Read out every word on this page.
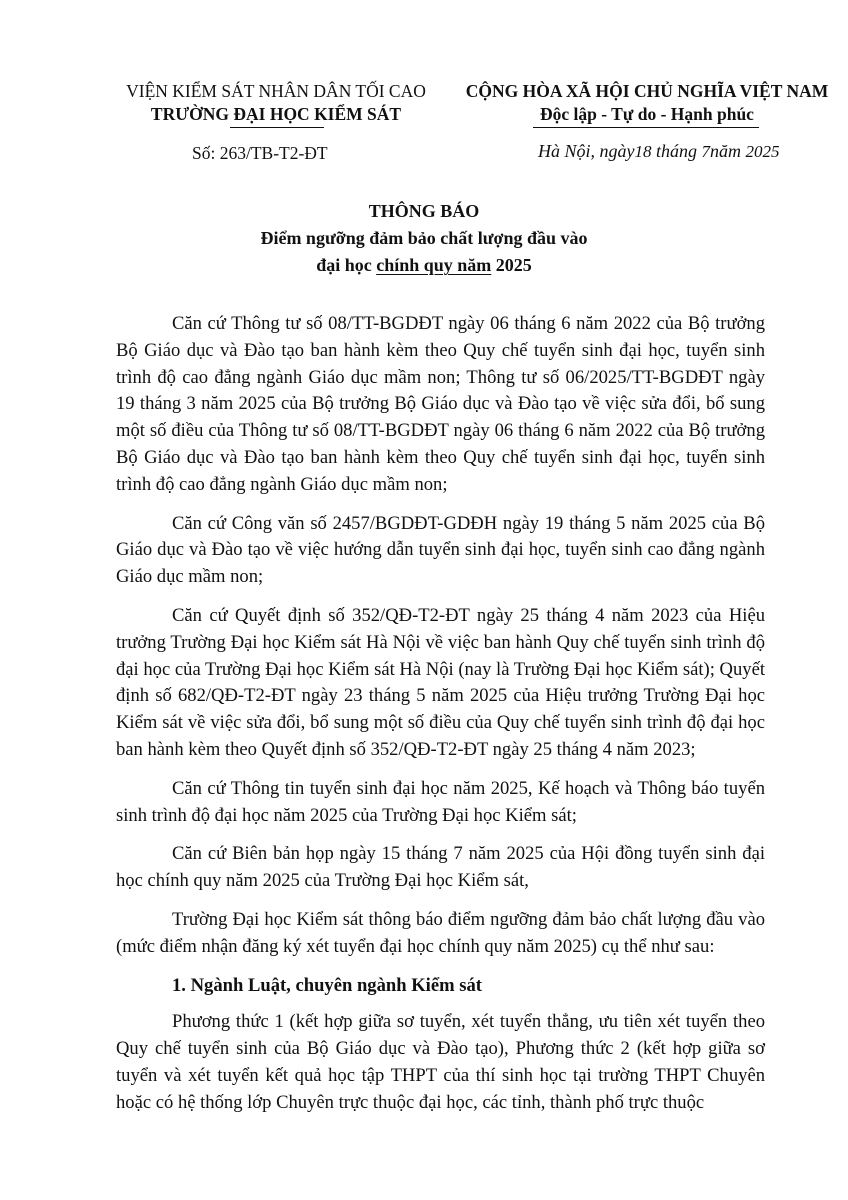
VIỆN KIỂM SÁT NHÂN DÂN TỐI CAO
TRƯỜNG ĐẠI HỌC KIỂM SÁT
CỘNG HÒA XÃ HỘI CHỦ NGHĨA VIỆT NAM
Độc lập - Tự do - Hạnh phúc
Số: 263/TB-T2-ĐT	Hà Nội, ngày18 tháng 7năm 2025
THÔNG BÁO
Điểm ngưỡng đảm bảo chất lượng đầu vào
đại học chính quy năm 2025

Căn cứ Thông tư số 08/TT-BGDĐT ngày 06 tháng 6 năm 2022 của Bộ trưởng Bộ Giáo dục và Đào tạo ban hành kèm theo Quy chế tuyển sinh đại học, tuyển sinh trình độ cao đẳng ngành Giáo dục mầm non; Thông tư số 06/2025/TT-BGDĐT ngày 19 tháng 3 năm 2025 của Bộ trưởng Bộ Giáo dục và Đào tạo về việc sửa đổi, bổ sung một số điều của Thông tư số 08/TT-BGDĐT ngày 06 tháng 6 năm 2022 của Bộ trưởng Bộ Giáo dục và Đào tạo ban hành kèm theo Quy chế tuyển sinh đại học, tuyển sinh trình độ cao đẳng ngành Giáo dục mầm non;

Căn cứ Công văn số 2457/BGDĐT-GDĐH ngày 19 tháng 5 năm 2025 của Bộ Giáo dục và Đào tạo về việc hướng dẫn tuyển sinh đại học, tuyển sinh cao đẳng ngành Giáo dục mầm non;

Căn cứ Quyết định số 352/QĐ-T2-ĐT ngày 25 tháng 4 năm 2023 của Hiệu trưởng Trường Đại học Kiểm sát Hà Nội về việc ban hành Quy chế tuyển sinh trình độ đại học của Trường Đại học Kiểm sát Hà Nội (nay là Trường Đại học Kiểm sát); Quyết định số 682/QĐ-T2-ĐT ngày 23 tháng 5 năm 2025 của Hiệu trưởng Trường Đại học Kiểm sát về việc sửa đổi, bổ sung một số điều của Quy chế tuyển sinh trình độ đại học ban hành kèm theo Quyết định số 352/QĐ-T2-ĐT ngày 25 tháng 4 năm 2023;

Căn cứ Thông tin tuyển sinh đại học năm 2025, Kế hoạch và Thông báo tuyển sinh trình độ đại học năm 2025 của Trường Đại học Kiểm sát;

Căn cứ Biên bản họp ngày 15 tháng 7 năm 2025 của Hội đồng tuyển sinh đại học chính quy năm 2025 của Trường Đại học Kiểm sát,

Trường Đại học Kiểm sát thông báo điểm ngưỡng đảm bảo chất lượng đầu vào (mức điểm nhận đăng ký xét tuyển đại học chính quy năm 2025) cụ thể như sau:

1. Ngành Luật, chuyên ngành Kiểm sát

Phương thức 1 (kết hợp giữa sơ tuyển, xét tuyển thẳng, ưu tiên xét tuyển theo Quy chế tuyển sinh của Bộ Giáo dục và Đào tạo), Phương thức 2 (kết hợp giữa sơ tuyển và xét tuyển kết quả học tập THPT của thí sinh học tại trường THPT Chuyên hoặc có hệ thống lớp Chuyên trực thuộc đại học, các tỉnh, thành phố trực thuộc
